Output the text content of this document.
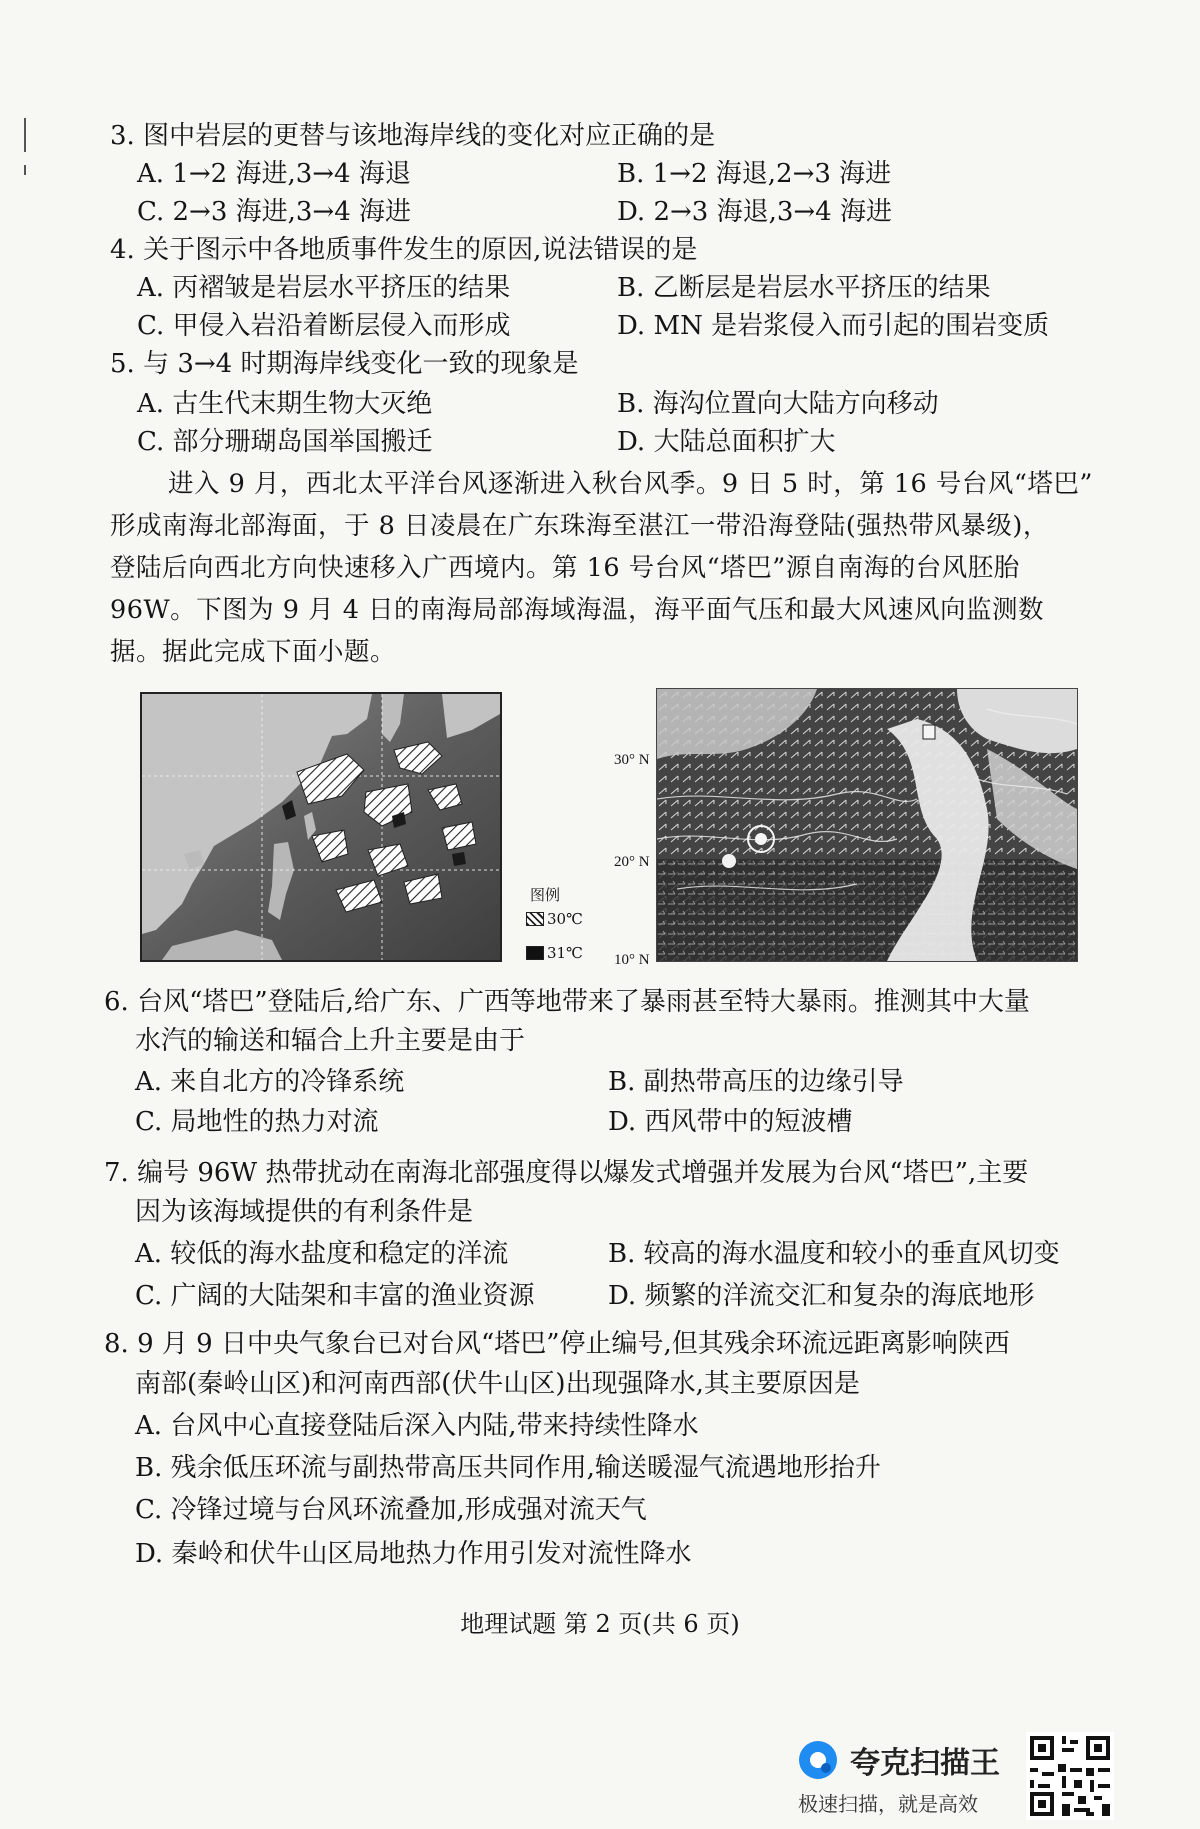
3. 图中岩层的更替与该地海岸线的变化对应正确的是
A. 1→2 海进,3→4 海退	B. 1→2 海退,2→3 海进
C. 2→3 海进,3→4 海进	D. 2→3 海退,3→4 海进
4. 关于图示中各地质事件发生的原因,说法错误的是
A. 丙褶皱是岩层水平挤压的结果	B. 乙断层是岩层水平挤压的结果
C. 甲侵入岩沿着断层侵入而形成	D. MN 是岩浆侵入而引起的围岩变质
5. 与 3→4 时期海岸线变化一致的现象是
A. 古生代末期生物大灭绝	B. 海沟位置向大陆方向移动
C. 部分珊瑚岛国举国搬迁	D. 大陆总面积扩大
进入 9 月，西北太平洋台风逐渐进入秋台风季。9 日 5 时，第 16 号台风“塔巴”
形成南海北部海面，于 8 日凌晨在广东珠海至湛江一带沿海登陆(强热带风暴级)，
登陆后向西北方向快速移入广西境内。第 16 号台风“塔巴”源自南海的台风胚胎
96W。下图为 9 月 4 日的南海局部海域海温，海平面气压和最大风速风向监测数
据。据此完成下面小题。
图例
30℃
31℃
30° N
20° N
10° N
6. 台风“塔巴”登陆后,给广东、广西等地带来了暴雨甚至特大暴雨。推测其中大量
水汽的输送和辐合上升主要是由于
A. 来自北方的冷锋系统	B. 副热带高压的边缘引导
C. 局地性的热力对流	D. 西风带中的短波槽
7. 编号 96W 热带扰动在南海北部强度得以爆发式增强并发展为台风“塔巴”,主要
因为该海域提供的有利条件是
A. 较低的海水盐度和稳定的洋流	B. 较高的海水温度和较小的垂直风切变
C. 广阔的大陆架和丰富的渔业资源	D. 频繁的洋流交汇和复杂的海底地形
8. 9 月 9 日中央气象台已对台风“塔巴”停止编号,但其残余环流远距离影响陕西
南部(秦岭山区)和河南西部(伏牛山区)出现强降水,其主要原因是
A. 台风中心直接登陆后深入内陆,带来持续性降水
B. 残余低压环流与副热带高压共同作用,输送暖湿气流遇地形抬升
C. 冷锋过境与台风环流叠加,形成强对流天气
D. 秦岭和伏牛山区局地热力作用引发对流性降水
地理试题 第 2 页(共 6 页)
夸克扫描王
极速扫描，就是高效
